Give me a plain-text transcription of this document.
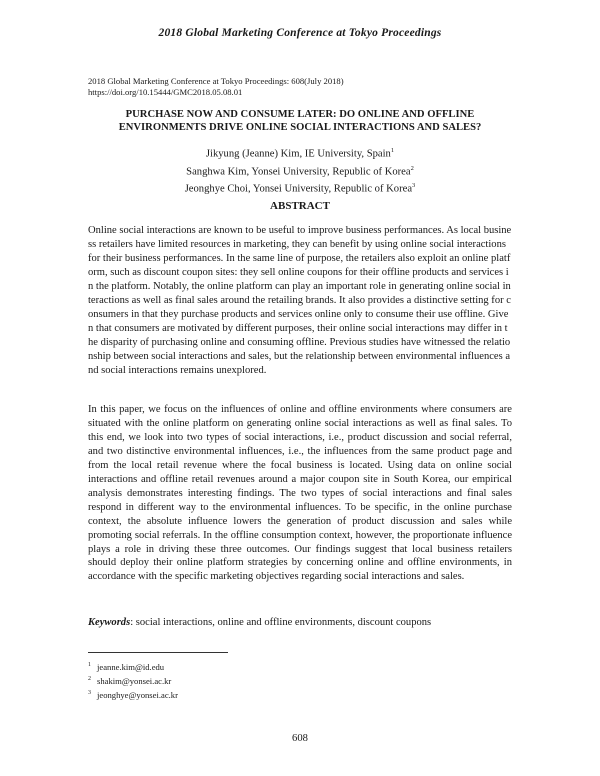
2018 Global Marketing Conference at Tokyo Proceedings
2018 Global Marketing Conference at Tokyo Proceedings: 608(July 2018)
https://doi.org/10.15444/GMC2018.05.08.01
PURCHASE NOW AND CONSUME LATER: DO ONLINE AND OFFLINE
ENVIRONMENTS DRIVE ONLINE SOCIAL INTERACTIONS AND SALES?
Jikyung (Jeanne) Kim, IE University, Spain$^1$
Sanghwa Kim, Yonsei University, Republic of Korea$^2$
Jeonghye Choi, Yonsei University, Republic of Korea$^3$
ABSTRACT
Online social interactions are known to be useful to improve business performances. As local business retailers have limited resources in marketing, they can benefit by using online social interactions for their business performances. In the same line of purpose, the retailers also exploit an online platform, such as discount coupon sites: they sell online coupons for their offline products and services in the platform. Notably, the online platform can play an important role in generating online social interactions as well as final sales around the retailing brands. It also provides a distinctive setting for consumers in that they purchase products and services online only to consume their use offline. Given that consumers are motivated by different purposes, their online social interactions may differ in the disparity of purchasing online and consuming offline. Previous studies have witnessed the relationship between social interactions and sales, but the relationship between environmental influences and social interactions remains unexplored.
In this paper, we focus on the influences of online and offline environments where consumers are situated with the online platform on generating online social interactions as well as final sales. To this end, we look into two types of social interactions, i.e., product discussion and social referral, and two distinctive environmental influences, i.e., the influences from the same product page and from the local retail revenue where the focal business is located. Using data on online social interactions and offline retail revenues around a major coupon site in South Korea, our empirical analysis demonstrates interesting findings. The two types of social interactions and final sales respond in different way to the environmental influences. To be specific, in the online purchase context, the absolute influence lowers the generation of product discussion and sales while promoting social referrals. In the offline consumption context, however, the proportionate influence plays a role in driving these three outcomes. Our findings suggest that local business retailers should deploy their online platform strategies by concerning online and offline environments, in accordance with the specific marketing objectives regarding social interactions and sales.
Keywords: social interactions, online and offline environments, discount coupons
$^1$ jeanne.kim@id.edu
$^2$ shakim@yonsei.ac.kr
$^3$ jeonghye@yonsei.ac.kr
608
